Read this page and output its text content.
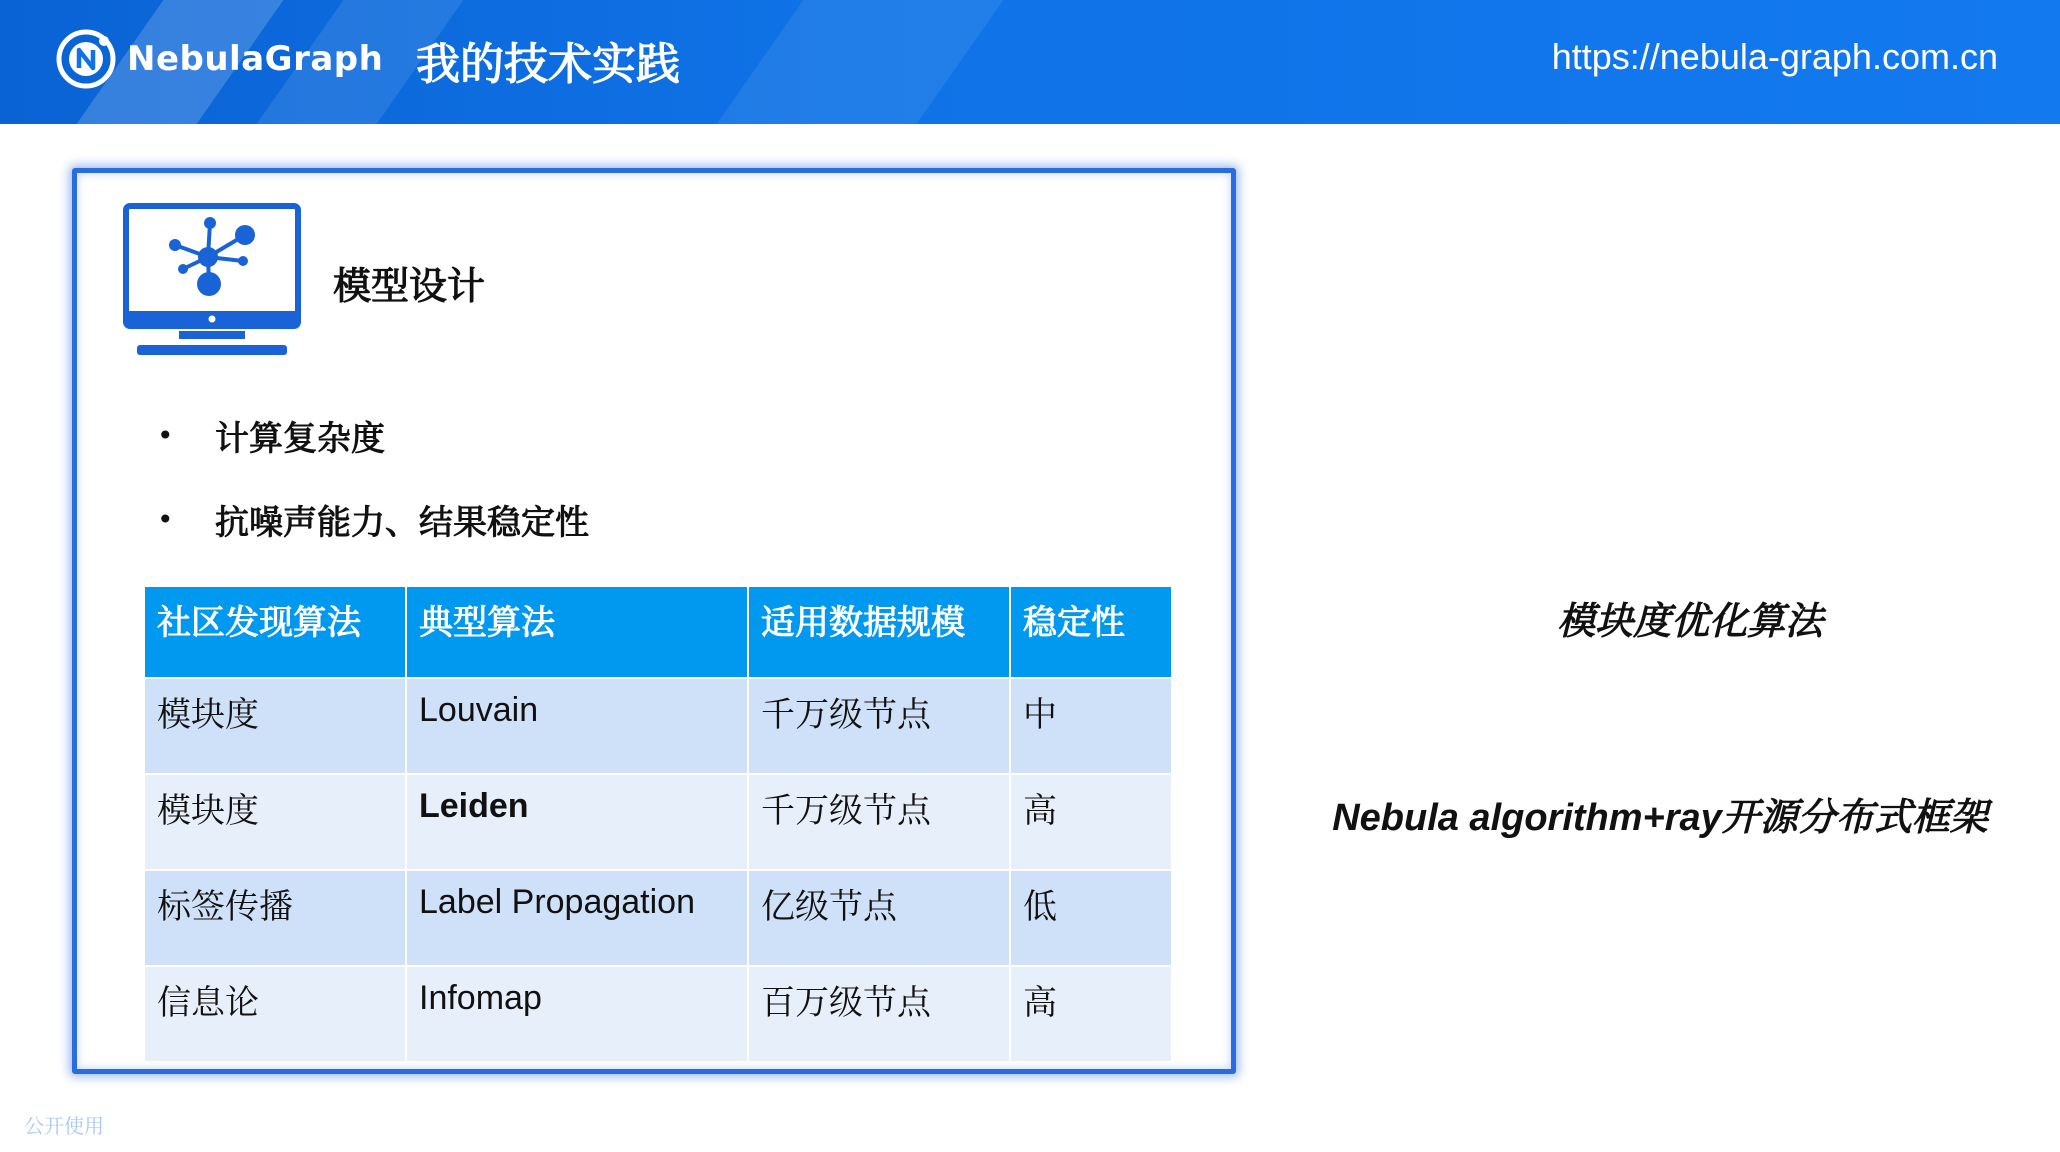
NebulaGraph 我的技术实践	https://nebula-graph.com.cn
模型设计
•	计算复杂度
•	抗噪声能力、结果稳定性
社区发现算法	典型算法	适用数据规模	稳定性
模块度	Louvain	千万级节点	中
模块度	Leiden	千万级节点	高
标签传播	Label Propagation	亿级节点	低
信息论	Infomap	百万级节点	高
模块度优化算法
Nebula algorithm+ray开源分布式框架
公开使用
